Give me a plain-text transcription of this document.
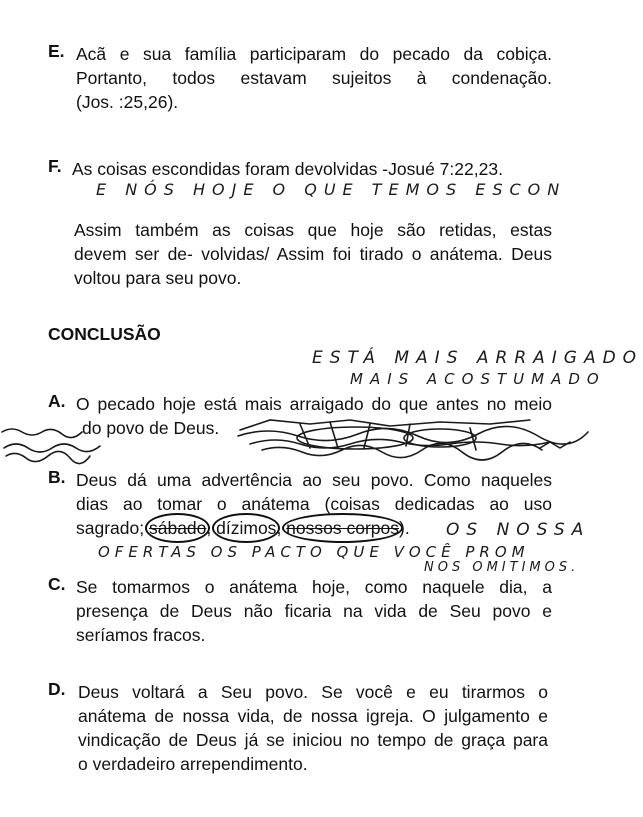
E. Acã e sua família participaram do pecado da cobiça.
Portanto, todos estavam sujeitos à condenação.
(Jos. :25,26).
F. As coisas escondidas foram devolvidas -Josué 7:22,23.
E NÓS HOJE O QUE TEMOS ESCON
Assim também as coisas que hoje são retidas, estas
devem ser de- volvidas/ Assim foi tirado o anátema. Deus
voltou para seu povo.
CONCLUSÃO
ESTÁ MAIS ARRAIGADO
MAIS ACOSTUMADO
A. O pecado hoje está mais arraigado do que antes no meio
do povo de Deus.
B. Deus dá uma advertência ao seu povo. Como naqueles
dias ao tomar o anátema (coisas dedicadas ao uso
sagrado; sábado, dízimos, nossos corpos).	OS NOSSA
OFERTAS OS PACTO QUE VOCÊ PROM
NOS OMITIMOS.
C. Se tomarmos o anátema hoje, como naquele dia, a
presença de Deus não ficaria na vida de Seu povo e
seríamos fracos.
D. Deus voltará a Seu povo. Se você e eu tirarmos o
anátema de nossa vida, de nossa igreja. O julgamento e
vindicação de Deus já se iniciou no tempo de graça para
o verdadeiro arrependimento.
